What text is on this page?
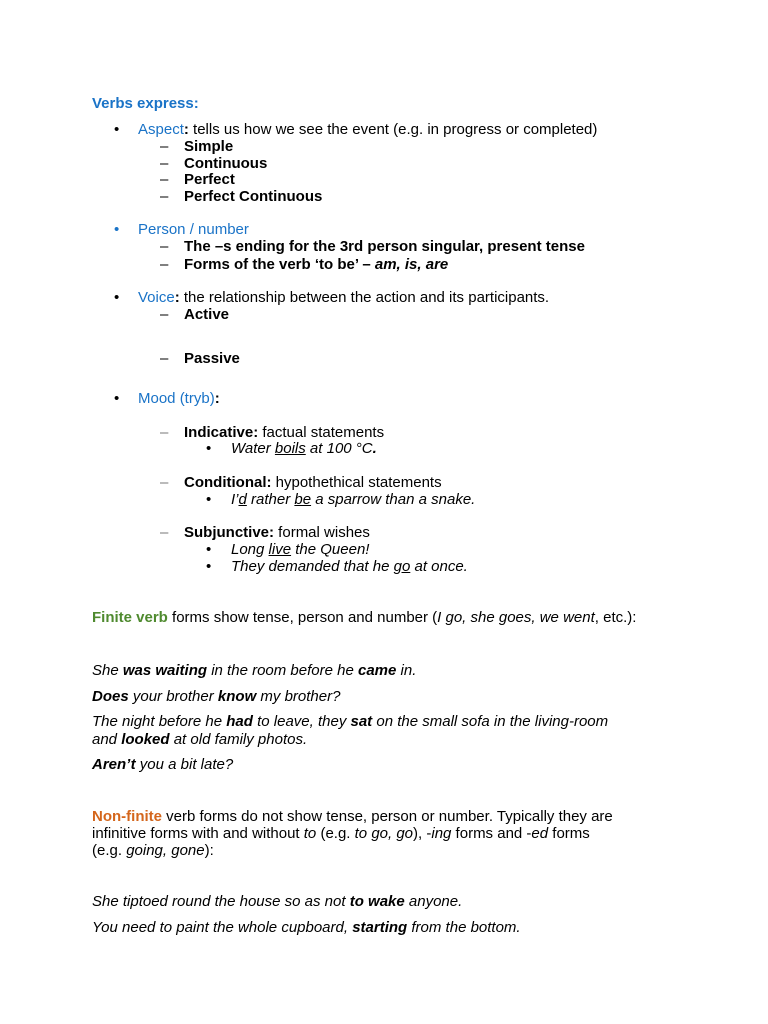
Verbs express:
• Aspect: tells us how we see the event (e.g. in progress or completed)
– Simple
– Continuous
– Perfect
– Perfect Continuous
• Person / number
– The –s ending for the 3rd person singular, present tense
– Forms of the verb ‘to be’ – am, is, are
• Voice: the relationship between the action and its participants.
– Active
– Passive
• Mood (tryb):
– Indicative: factual statements
• Water boils at 100 °C.
– Conditional: hypothethical statements
• I’d rather be a sparrow than a snake.
– Subjunctive: formal wishes
• Long live the Queen!
• They demanded that he go at once.
Finite verb forms show tense, person and number (I go, she goes, we went, etc.):
She was waiting in the room before he came in.
Does your brother know my brother?
The night before he had to leave, they sat on the small sofa in the living-room
and looked at old family photos.
Aren’t you a bit late?
Non-finite verb forms do not show tense, person or number. Typically they are
infinitive forms with and without to (e.g. to go, go), -ing forms and -ed forms
(e.g. going, gone):
She tiptoed round the house so as not to wake anyone.
You need to paint the whole cupboard, starting from the bottom.
